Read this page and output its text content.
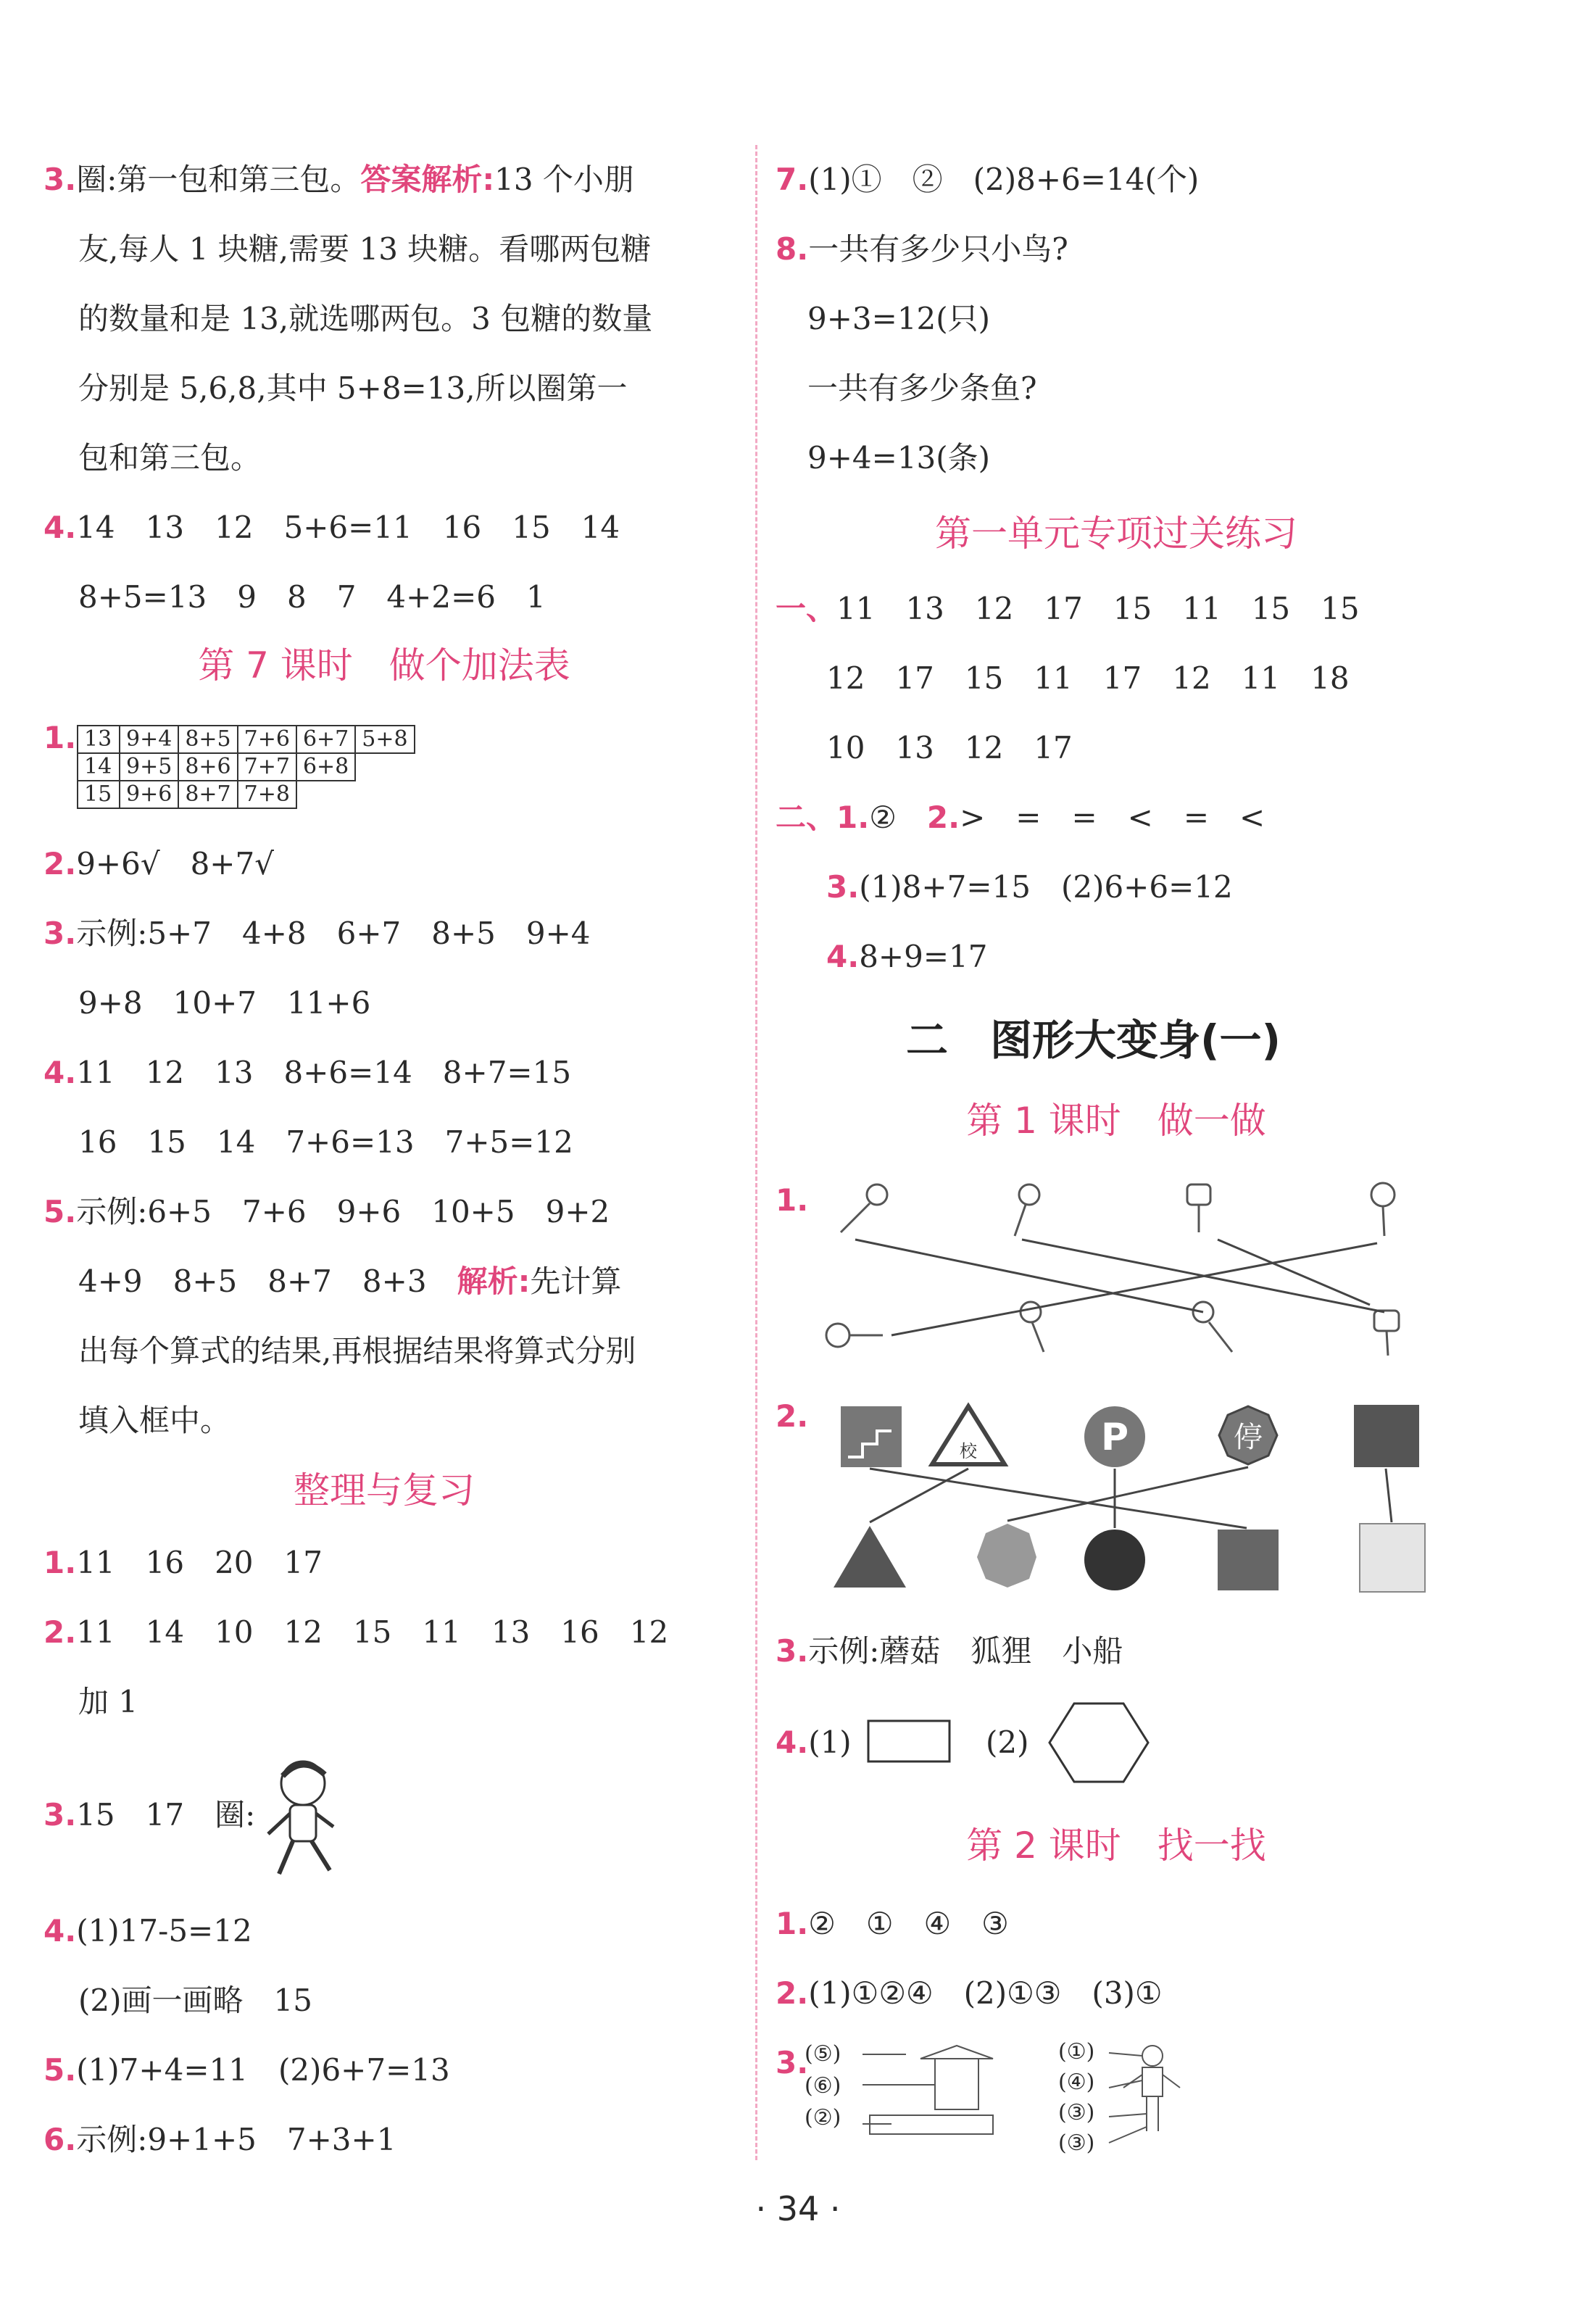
3.圈:第一包和第三包。答案解析:13 个小朋
友,每人 1 块糖,需要 13 块糖。看哪两包糖
的数量和是 13,就选哪两包。3 包糖的数量
分别是 5,6,8,其中 5+8=13,所以圈第一
包和第三包。
4.14　13　12　5+6=11　16　15　14
8+5=13　9　8　7　4+2=6　1
第 7 课时　做个加法表
1. 13	9+4	8+5	7+6	6+7	5+8
14	9+5	8+6	7+7	6+8	
15	9+6	8+7	7+8		
2.9+6√　8+7√
3.示例:5+7　4+8　6+7　8+5　9+4
9+8　10+7　11+6
4.11　12　13　8+6=14　8+7=15
16　15　14　7+6=13　7+5=12
5.示例:6+5　7+6　9+6　10+5　9+2
4+9　8+5　8+7　8+3　 解析:先计算
出每个算式的结果,再根据结果将算式分别
填入框中。
整理与复习
1.11　16　20　17
2.11　14　10　12　15　11　13　16　12
加 1
3.15　17　圈:
4.(1)17-5=12
(2)画一画略　15
5.(1)7+4=11　(2)6+7=13
6.示例:9+1+5　7+3+1
7.(1)①　②　(2)8+6=14(个)
8.一共有多少只小鸟?
9+3=12(只)
一共有多少条鱼?
9+4=13(条)
第一单元专项过关练习
一、11　13　12　17　15　11　15　15
12　17　15　11　17　12　11　18
10　13　12　17
二、1.②　 2.>　=　=　<　=　<
3.(1)8+7=15　(2)6+6=12
4.8+9=17
二　图形大变身(一)
第 1 课时　做一做
1.
2.
校	P	停
3.示例:蘑菇　狐狸　小船
4.(1)	(2)
第 2 课时　找一找
1.②　①　④　③
2.(1)①②④　(2)①③　(3)①
3.
(⑤)
(⑥)
(②)
(①)
(④)
(③)
(③)
· 34 ·
